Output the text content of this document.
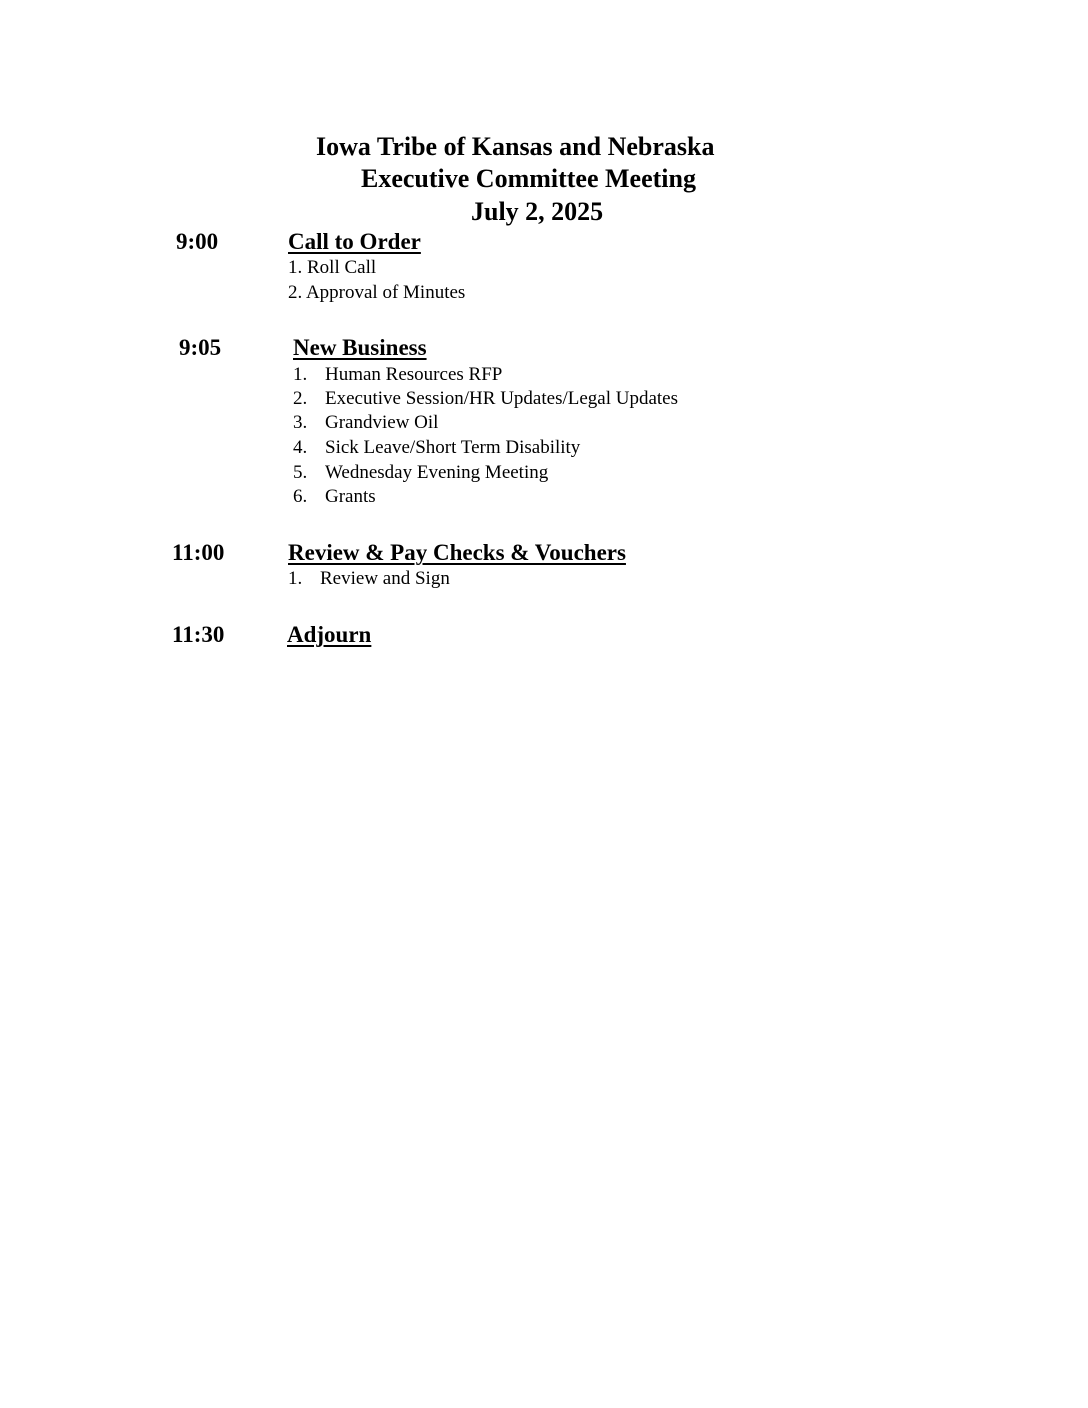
Iowa Tribe of Kansas and Nebraska
Executive Committee Meeting
July 2, 2025
9:00	Call to Order
1. Roll Call
2. Approval of Minutes
9:05	New Business
1. Human Resources RFP
2. Executive Session/HR Updates/Legal Updates
3. Grandview Oil
4. Sick Leave/Short Term Disability
5. Wednesday Evening Meeting
6. Grants
11:00	Review & Pay Checks & Vouchers
1. Review and Sign
11:30	Adjourn
